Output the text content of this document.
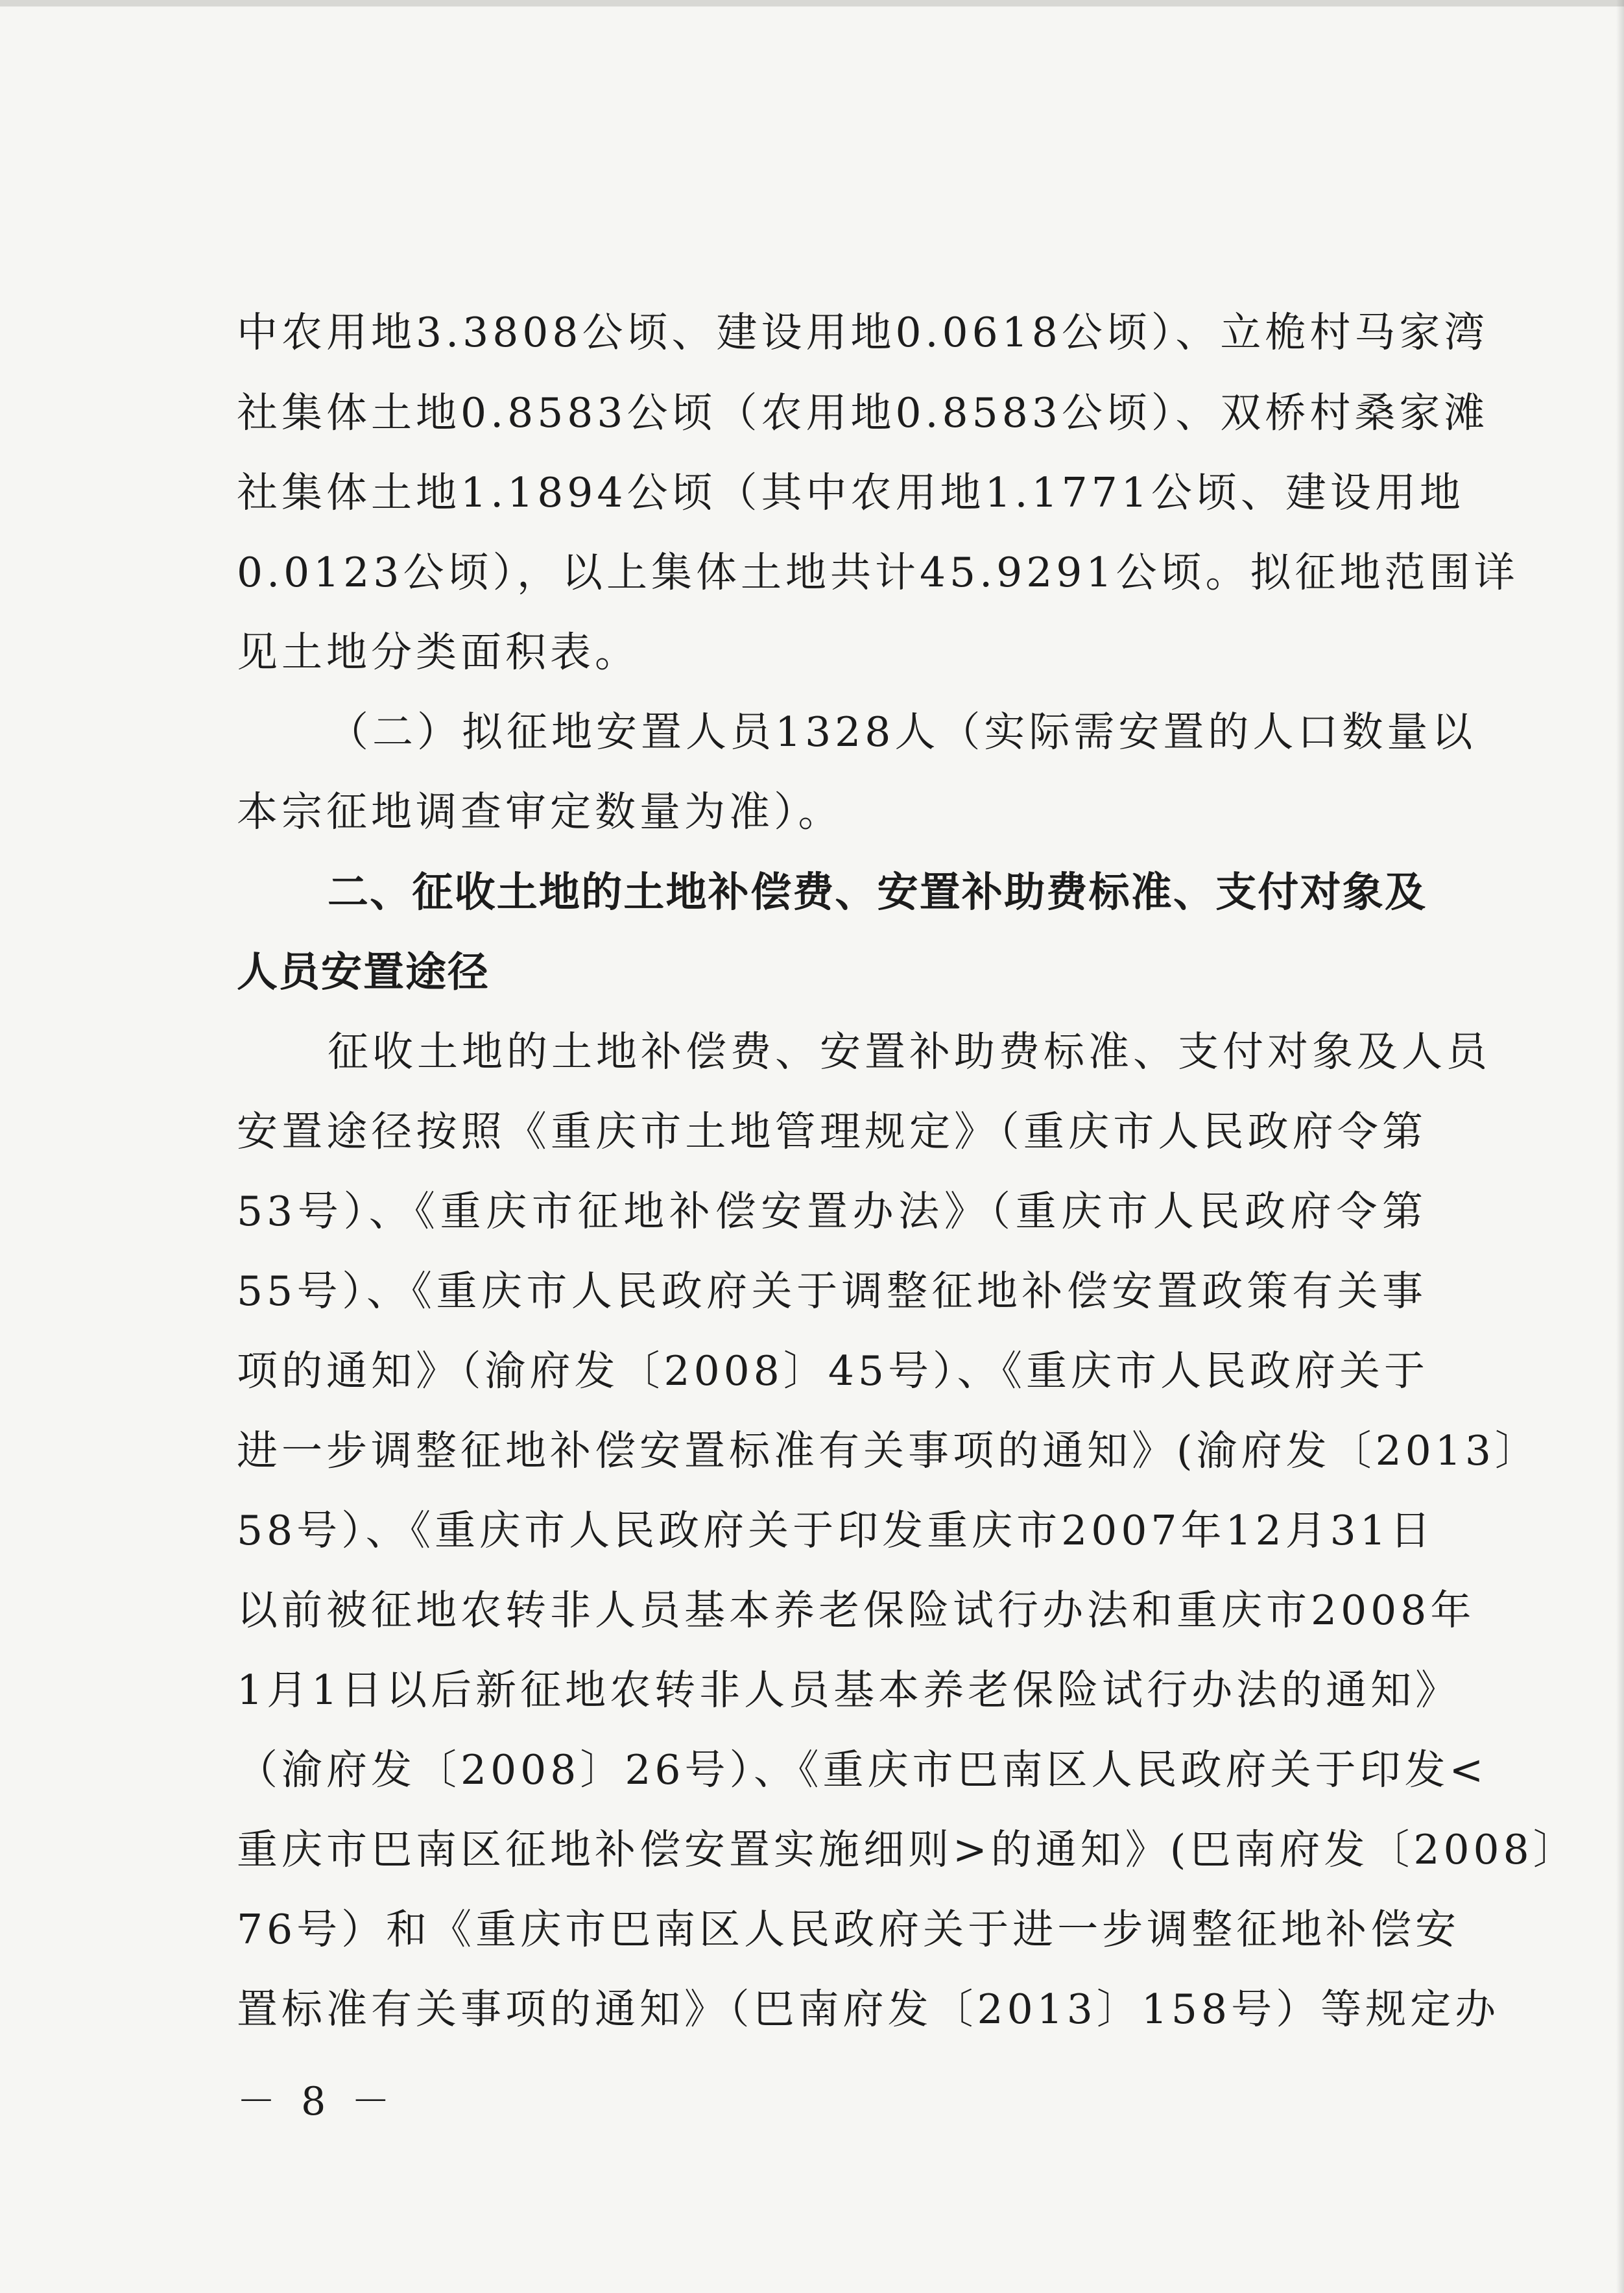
中农用地3.3808公顷、建设用地0.0618公顷）、立桅村马家湾
社集体土地0.8583公顷（农用地0.8583公顷）、双桥村桑家滩
社集体土地1.1894公顷（其中农用地1.1771公顷、建设用地
0.0123公顷），以上集体土地共计45.9291公顷。拟征地范围详
见土地分类面积表。
（二）拟征地安置人员1328人（实际需安置的人口数量以
本宗征地调查审定数量为准）。
二、征收土地的土地补偿费、安置补助费标准、支付对象及
人员安置途径
征收土地的土地补偿费、安置补助费标准、支付对象及人员
安置途径按照《重庆市土地管理规定》（重庆市人民政府令第
53号）、《重庆市征地补偿安置办法》（重庆市人民政府令第
55号）、《重庆市人民政府关于调整征地补偿安置政策有关事
项的通知》（渝府发〔2008〕45号）、《重庆市人民政府关于
进一步调整征地补偿安置标准有关事项的通知》(渝府发〔2013〕
58号）、《重庆市人民政府关于印发重庆市2007年12月31日
以前被征地农转非人员基本养老保险试行办法和重庆市2008年
1月1日以后新征地农转非人员基本养老保险试行办法的通知》
（渝府发〔2008〕26号）、《重庆市巴南区人民政府关于印发<
重庆市巴南区征地补偿安置实施细则>的通知》(巴南府发〔2008〕
76号）和《重庆市巴南区人民政府关于进一步调整征地补偿安
置标准有关事项的通知》（巴南府发〔2013〕158号）等规定办
－ 8 －
